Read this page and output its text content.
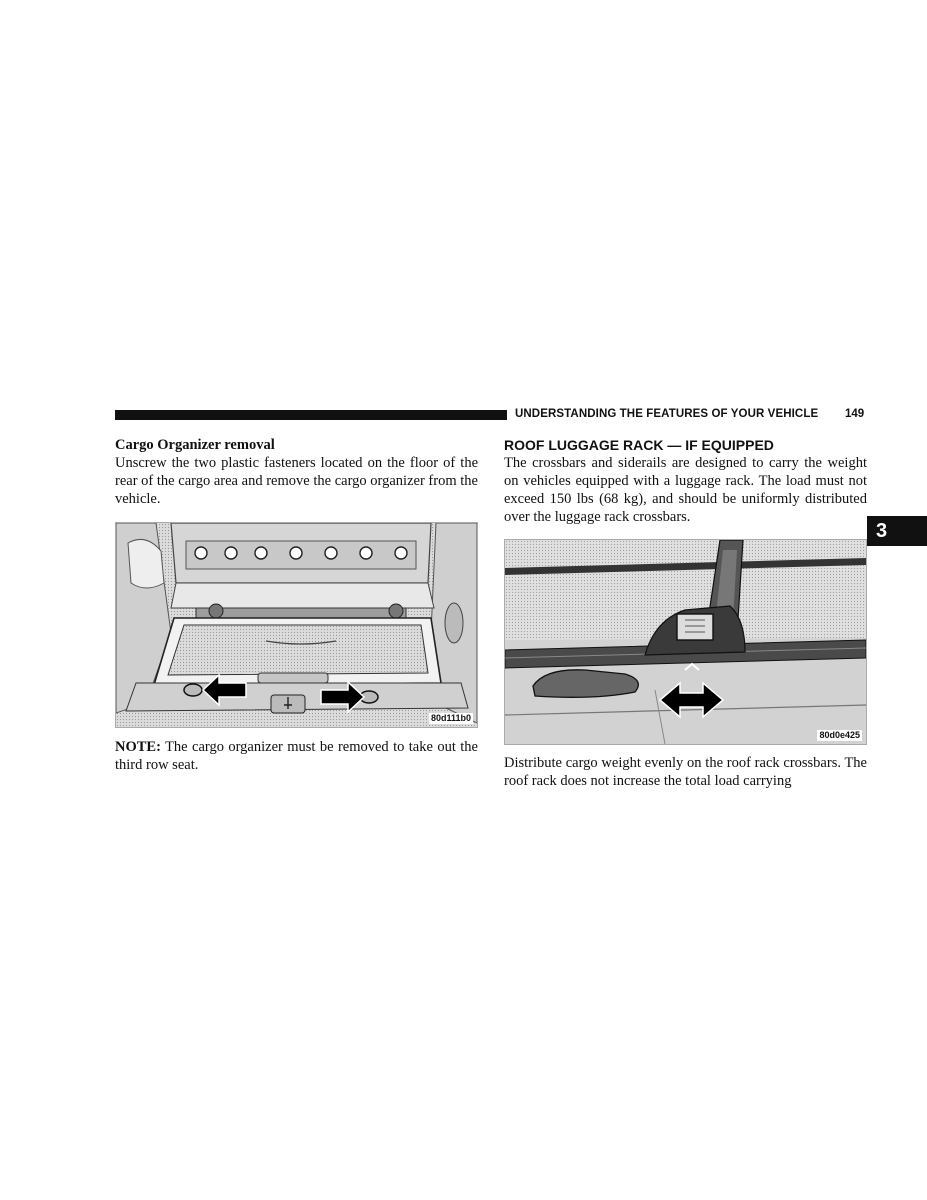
UNDERSTANDING THE FEATURES OF YOUR VEHICLE 149
3
Cargo Organizer removal

Unscrew the two plastic fasteners located on the floor of the rear of the cargo area and remove the cargo organizer from the vehicle.

80d111b0

NOTE: The cargo organizer must be removed to take out the third row seat.

ROOF LUGGAGE RACK — IF EQUIPPED

The crossbars and siderails are designed to carry the weight on vehicles equipped with a luggage rack. The load must not exceed 150 lbs (68 kg), and should be uniformly distributed over the luggage rack crossbars.

80d0e425

Distribute cargo weight evenly on the roof rack crossbars. The roof rack does not increase the total load carrying
